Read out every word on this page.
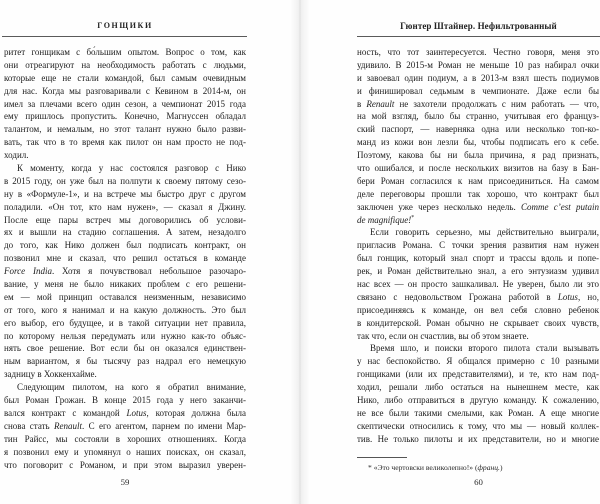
ГОНЩИКИ	Гюнтер Штайнер. Нефильтрованный
ритет гонщикам с бо́льшим опытом. Вопрос о том, как
они отреагируют на необходимость работать с людьми,
которые еще не стали командой, был самым очевидным
для нас. Когда мы разговаривали с Кевином в 2014-м, он
имел за плечами всего один сезон, а чемпионат 2015 года
ему пришлось пропустить. Конечно, Магнуссен обладал
талантом, и немалым, но этот талант нужно было разви-
вать, так что в то время как пилот он нам просто не под-
ходил.
К моменту, когда у нас состоялся разговор с Нико
в 2015 году, он уже был на полпути к своему пятому сезо-
ну в «Формуле-1», и на встрече мы быстро друг с другом
поладили. «Он тот, кто нам нужен», — сказал я Джину.
После еще пары встреч мы договорились об услови-
ях и вышли на стадию соглашения. А затем, незадолго
до того, как Нико должен был подписать контракт, он
позвонил мне и сказал, что решил остаться в команде
Force India. Хотя я почувствовал небольшое разочаро-
вание, у меня не было никаких проблем с его решени-
ем — мой принцип оставался неизменным, независимо
от того, кого я нанимал и на какую должность. Это был
его выбор, его будущее, и в такой ситуации нет правила,
по которому нельзя передумать или нужно как-то объяс-
нять свое решение. Вот если бы он оказался единствен-
ным вариантом, я бы тысячу раз надрал его немецкую
задницу в Хоккенхайме.
Следующим пилотом, на кого я обратил внимание,
был Роман Грожан. В конце 2015 года у него заканчи-
вался контракт с командой Lotus, которая должна была
снова стать Renault. С его агентом, парнем по имени Мар-
тин Райсс, мы состояли в хороших отношениях. Когда
я позвонил ему и упомянул о наших поисках, он сказал,
что поговорит с Романом, и при этом выразил уверен-
ность, что тот заинтересуется. Честно говоря, меня это
удивило. В 2015-м Роман не меньше 10 раз набирал очки
и завоевал один подиум, а в 2013-м взял шесть подиумов
и финишировал седьмым в чемпионате. Даже если бы
в Renault не захотели продолжать с ним работать — что,
на мой взгляд, было бы странно, учитывая его француз-
ский паспорт, — наверняка одна или несколько топ-ко-
манд из кожи вон лезли бы, чтобы подписать его к себе.
Поэтому, какова бы ни была причина, я рад признать,
что ошибался, и после нескольких визитов на базу в Бан-
бери Роман согласился к нам присоединиться. На самом
деле переговоры прошли так хорошо, что контракт был
заключен уже через несколько недель. Comme c’est putain
de magnifique!*
Если говорить серьезно, мы действительно выиграли,
пригласив Романа. С точки зрения развития нам нужен
был гонщик, который знал спорт и трассы вдоль и попе-
рек, и Роман действительно знал, а его энтузиазм удивил
нас всех — он просто зашкаливал. Не уверен, было ли это
связано с недовольством Грожана работой в Lotus, но,
присоединяясь к команде, он вел себя словно ребенок
в кондитерской. Роман обычно не скрывает своих чувств,
так что, если он счастлив, вы об этом знаете.
Время шло, и поиски второго пилота стали вызывать
у нас беспокойство. Я общался примерно с 10 разными
гонщиками (или их представителями), и те, кто нам под-
ходил, решали либо остаться на нынешнем месте, как
Нико, либо отправиться в другую команду. К сожалению,
не все были такими смелыми, как Роман. А еще многие
скептически относились к тому, что мы — новый коллек-
тив. Не только пилоты и их представители, но и многие
* «Это чертовски великолепно!» (франц.)
59	60
